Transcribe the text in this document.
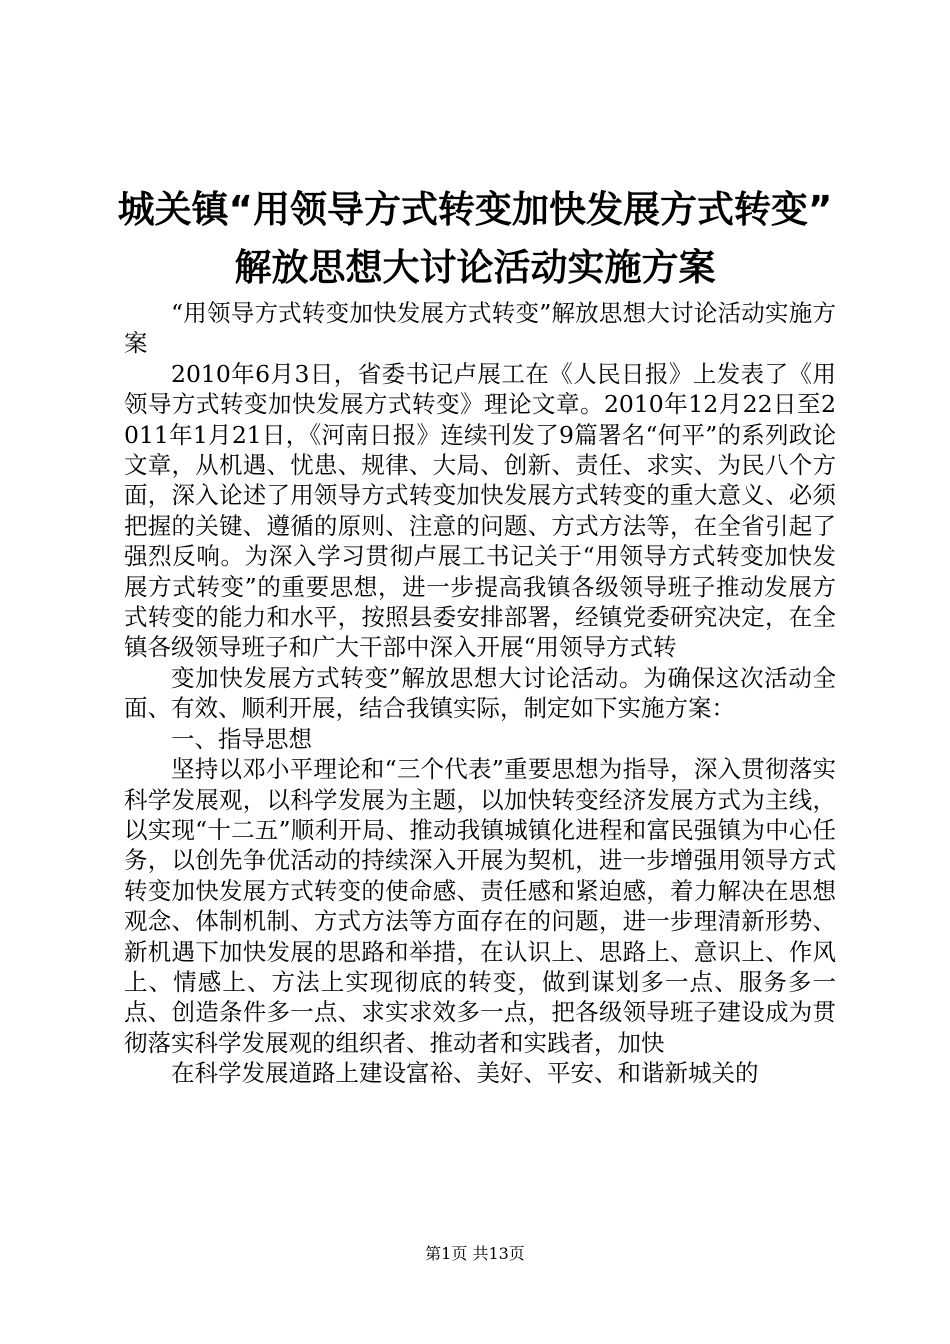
城关镇“用领导方式转变加快发展方式转变”
解放思想大讨论活动实施方案

“用领导方式转变加快发展方式转变”解放思想大讨论活动实施方案

2010年6月3日，省委书记卢展工在《人民日报》上发表了《用领导方式转变加快发展方式转变》理论文章。2010年12月22日至2011年1月21日，《河南日报》连续刊发了9篇署名“何平”的系列政论文章，从机遇、忧患、规律、大局、创新、责任、求实、为民八个方面，深入论述了用领导方式转变加快发展方式转变的重大意义、必须把握的关键、遵循的原则、注意的问题、方式方法等，在全省引起了强烈反响。为深入学习贯彻卢展工书记关于“用领导方式转变加快发展方式转变”的重要思想，进一步提高我镇各级领导班子推动发展方式转变的能力和水平，按照县委安排部署，经镇党委研究决定，在全镇各级领导班子和广大干部中深入开展“用领导方式转

变加快发展方式转变”解放思想大讨论活动。为确保这次活动全面、有效、顺利开展，结合我镇实际，制定如下实施方案：

一、指导思想

坚持以邓小平理论和“三个代表”重要思想为指导，深入贯彻落实科学发展观，以科学发展为主题，以加快转变经济发展方式为主线，以实现“十二五”顺利开局、推动我镇城镇化进程和富民强镇为中心任务，以创先争优活动的持续深入开展为契机，进一步增强用领导方式转变加快发展方式转变的使命感、责任感和紧迫感，着力解决在思想观念、体制机制、方式方法等方面存在的问题，进一步理清新形势、新机遇下加快发展的思路和举措，在认识上、思路上、意识上、作风上、情感上、方法上实现彻底的转变，做到谋划多一点、服务多一点、创造条件多一点、求实求效多一点，把各级领导班子建设成为贯彻落实科学发展观的组织者、推动者和实践者，加快

在科学发展道路上建设富裕、美好、平安、和谐新城关的

第1页 共13页
